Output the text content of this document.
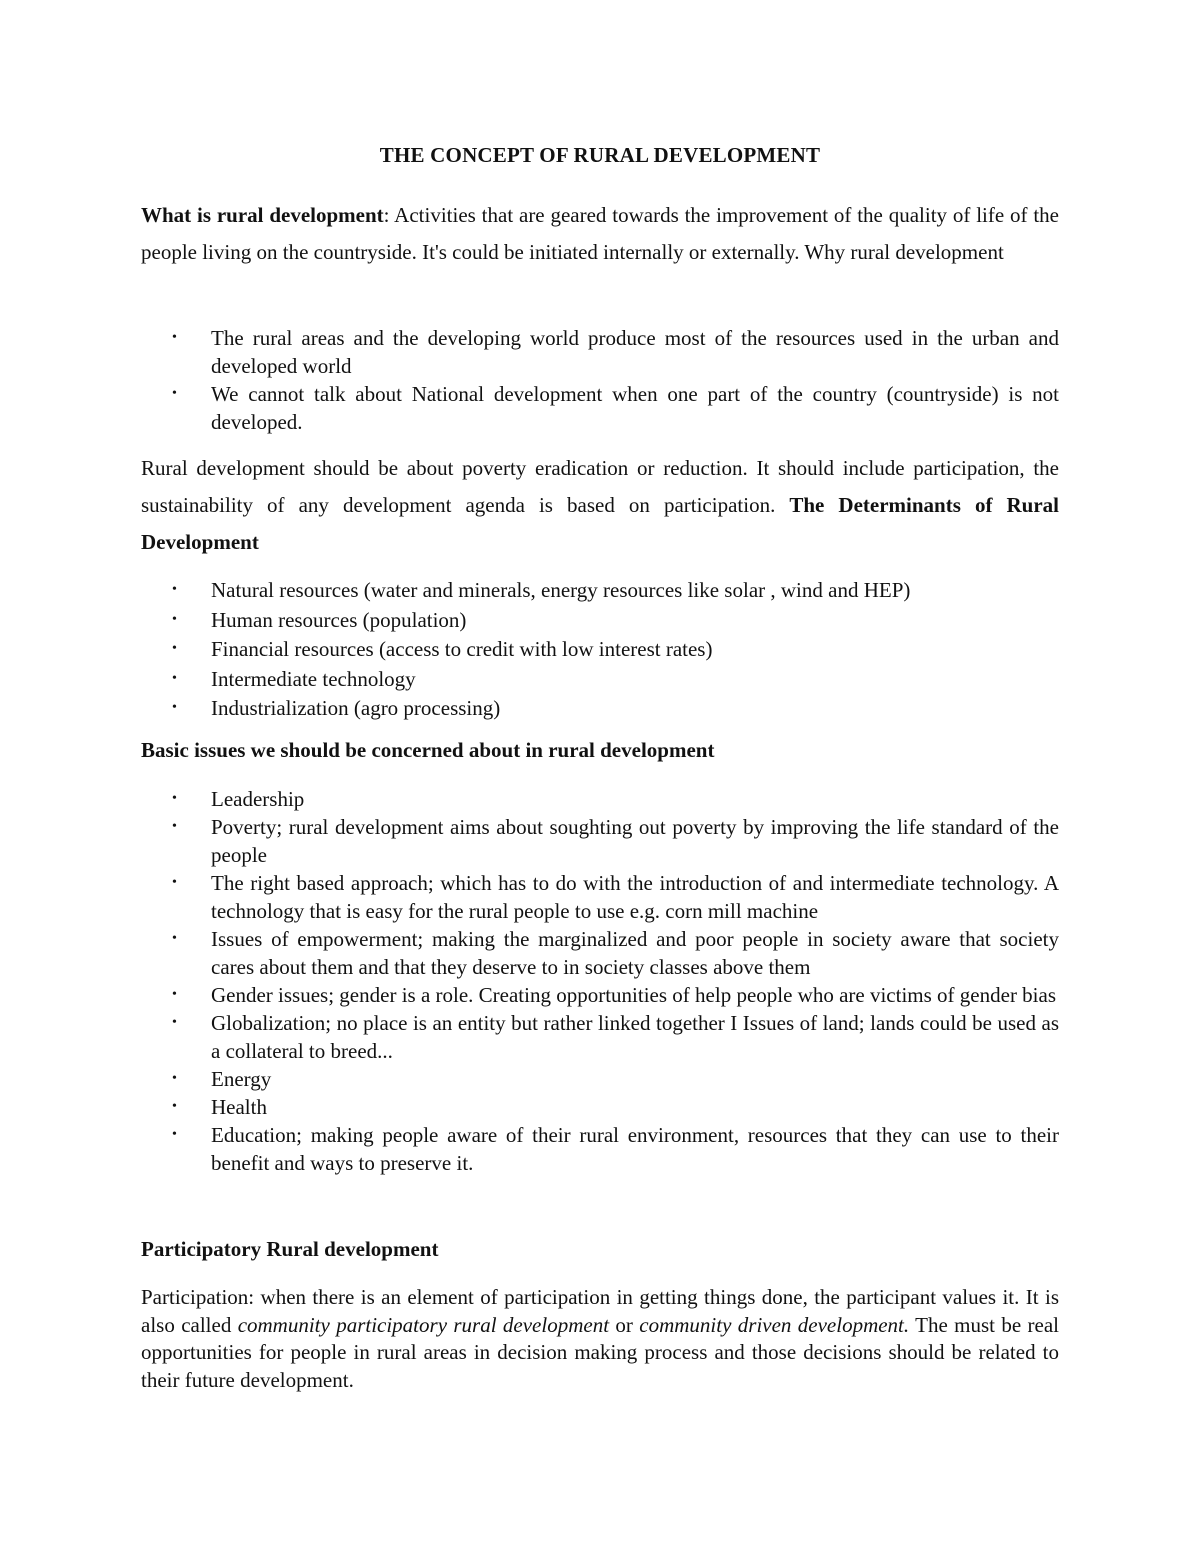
THE CONCEPT OF RURAL DEVELOPMENT
What is rural development: Activities that are geared towards the improvement of the quality of life of the people living on the countryside. It's could be initiated internally or externally. Why rural development
• The rural areas and the developing world produce most of the resources used in the urban and developed world
• We cannot talk about National development when one part of the country (countryside) is not developed.
Rural development should be about poverty eradication or reduction. It should include participation, the sustainability of any development agenda is based on participation. The Determinants of Rural Development
• Natural resources (water and minerals, energy resources like solar , wind and HEP)
• Human resources (population)
• Financial resources (access to credit with low interest rates)
• Intermediate technology
• Industrialization (agro processing)
Basic issues we should be concerned about in rural development
• Leadership
• Poverty; rural development aims about soughting out poverty by improving the life standard of the people
• The right based approach; which has to do with the introduction of and intermediate technology. A technology that is easy for the rural people to use e.g. corn mill machine
• Issues of empowerment; making the marginalized and poor people in society aware that society cares about them and that they deserve to in society classes above them
• Gender issues; gender is a role. Creating opportunities of help people who are victims of gender bias
• Globalization; no place is an entity but rather linked together I Issues of land; lands could be used as a collateral to breed...
• Energy
• Health
• Education; making people aware of their rural environment, resources that they can use to their benefit and ways to preserve it.
Participatory Rural development
Participation: when there is an element of participation in getting things done, the participant values it. It is also called community participatory rural development or community driven development. The must be real opportunities for people in rural areas in decision making process and those decisions should be related to their future development.
